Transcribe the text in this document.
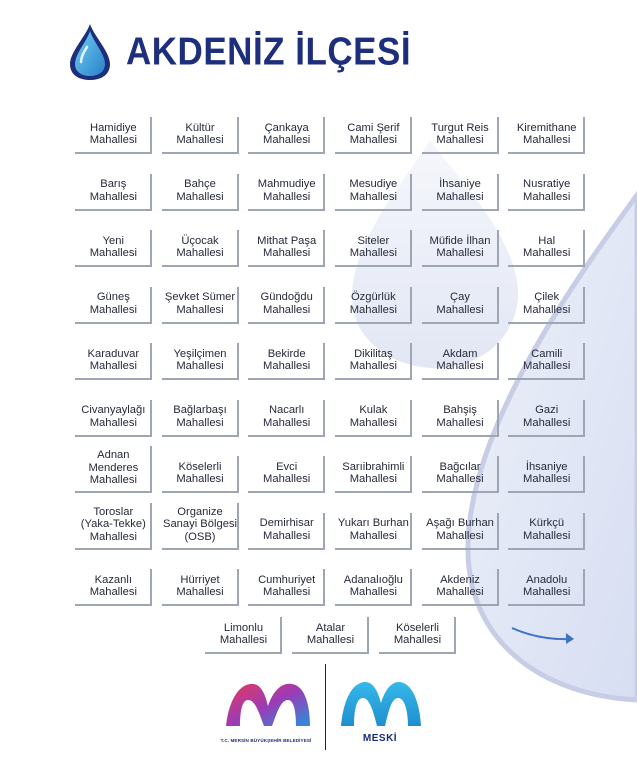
AKDENİZ İLÇESİ
Hamidiye
Mahallesi
Kültür
Mahallesi
Çankaya
Mahallesi
Cami Şerif
Mahallesi
Turgut Reis
Mahallesi
Kiremithane
Mahallesi
Barış
Mahallesi
Bahçe
Mahallesi
Mahmudiye
Mahallesi
Mesudiye
Mahallesi
İhsaniye
Mahallesi
Nusratiye
Mahallesi
Yeni
Mahallesi
Üçocak
Mahallesi
Mithat Paşa
Mahallesi
Siteler
Mahallesi
Müfide İlhan
Mahallesi
Hal
Mahallesi
Güneş
Mahallesi
Şevket Sümer
Mahallesi
Gündoğdu
Mahallesi
Özgürlük
Mahallesi
Çay
Mahallesi
Çilek
Mahallesi
Karaduvar
Mahallesi
Yeşilçimen
Mahallesi
Bekirde
Mahallesi
Dikilitaş
Mahallesi
Akdam
Mahallesi
Camili
Mahallesi
Civanyaylağı
Mahallesi
Bağlarbaşı
Mahallesi
Nacarlı
Mahallesi
Kulak
Mahallesi
Bahşiş
Mahallesi
Gazi
Mahallesi
Adnan
Menderes
Mahallesi
Köselerli
Mahallesi
Evci
Mahallesi
Sarıibrahimli
Mahallesi
Bağcılar
Mahallesi
İhsaniye
Mahallesi
Toroslar
(Yaka-Tekke)
Mahallesi
Organize
Sanayi Bölgesi
(OSB)
Demirhisar
Mahallesi
Yukarı Burhan
Mahallesi
Aşağı Burhan
Mahallesi
Kürkçü
Mahallesi
Kazanlı
Mahallesi
Hürriyet
Mahallesi
Cumhuriyet
Mahallesi
Adanalıoğlu
Mahallesi
Akdeniz
Mahallesi
Anadolu
Mahallesi
Limonlu
Mahallesi
Atalar
Mahallesi
Köselerli
Mahallesi
T.C. MERSİN BÜYÜKŞEHİR BELEDİYESİ	MESKİ
